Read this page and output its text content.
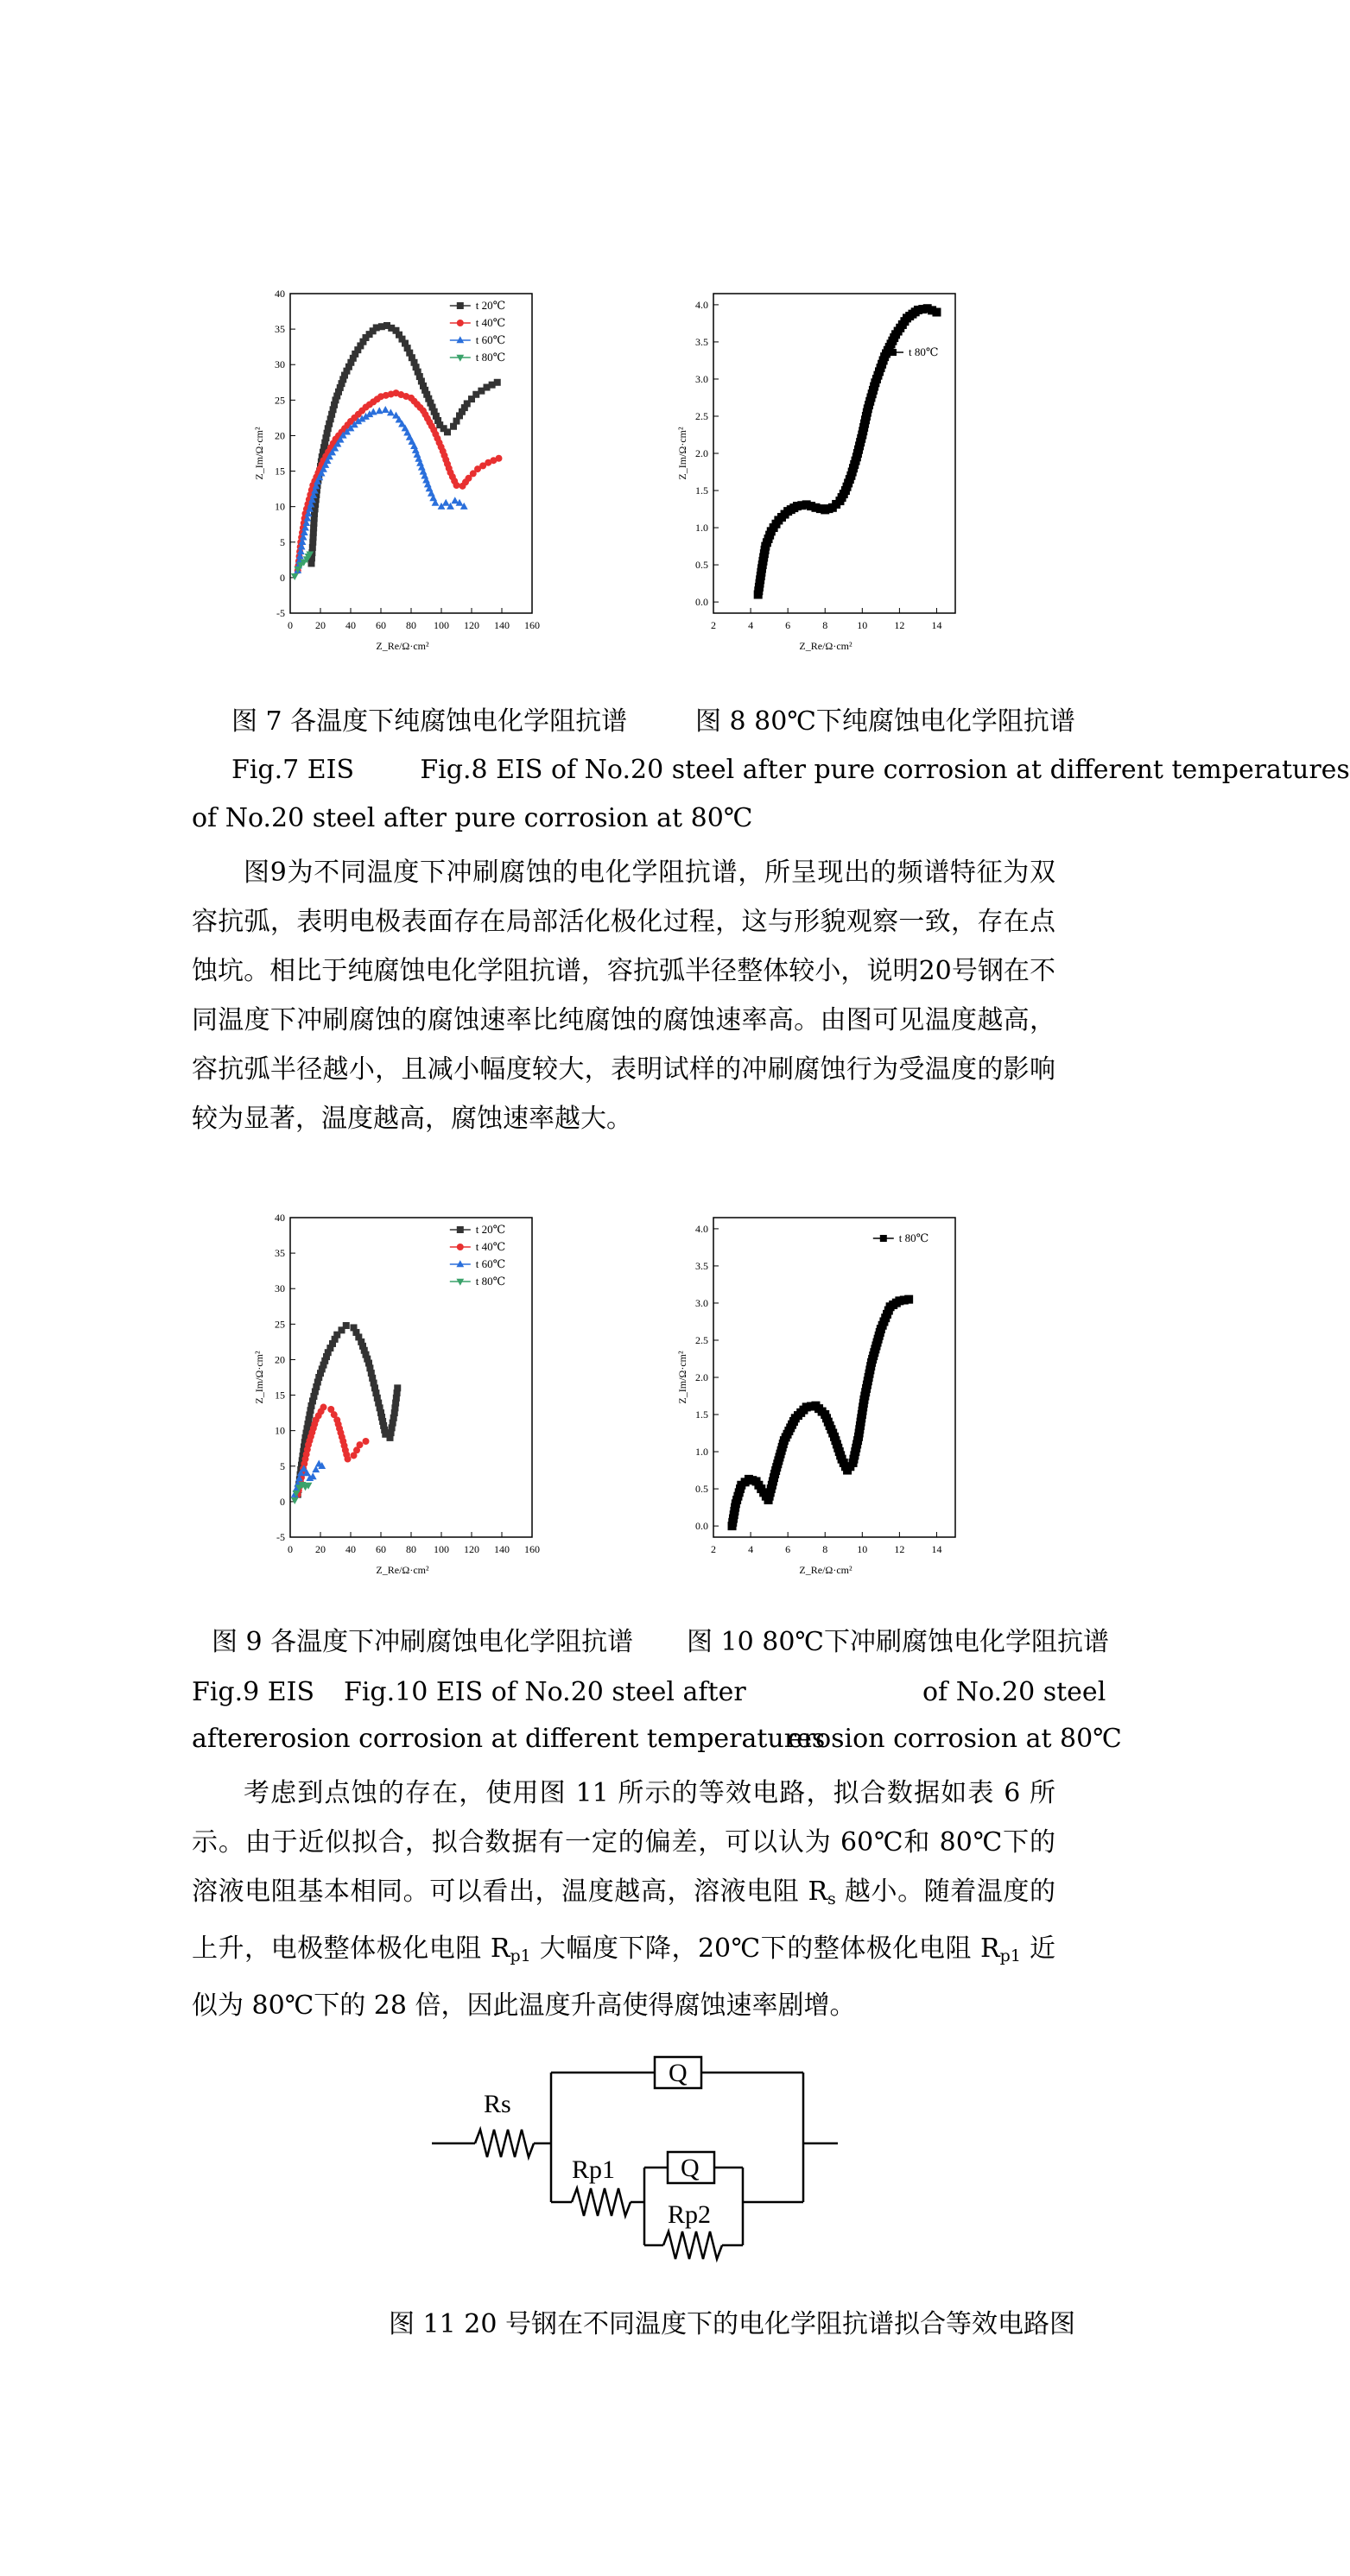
0 20 40 60 80 100 120 140 160
-5
0
5
10
15
20
25
30
35
40
Z_Re/Ω·cm²
Z_Im/Ω·cm²
t 20℃
t 40℃
t 60℃
t 80℃
2	4	6	8	10	12	14
0.0
0.5
1.0
1.5
2.0
2.5
3.0
3.5
4.0
Z_Re/Ω·cm²
Z_Im/Ω·cm²
t 80℃
图 7 各温度下纯腐蚀电化学阻抗谱	图 8 80℃下纯腐蚀电化学阻抗谱
Fig.7 EIS        Fig.8 EIS of No.20 steel after pure corrosion at different temperatures
of No.20 steel after pure corrosion at 80℃

图9为不同温度下冲刷腐蚀的电化学阻抗谱，所呈现出的频谱特征为双容抗弧，表明电极表面存在局部活化极化过程，这与形貌观察一致，存在点蚀坑。相比于纯腐蚀电化学阻抗谱，容抗弧半径整体较小，说明20号钢在不同温度下冲刷腐蚀的腐蚀速率比纯腐蚀的腐蚀速率高。由图可见温度越高，容抗弧半径越小，且减小幅度较大，表明试样的冲刷腐蚀行为受温度的影响较为显著，温度越高，腐蚀速率越大。

0 20 40 60 80 100 120 140 160
-5
0
5
10
15
20
25
30
35
40
Z_Re/Ω·cm²
Z_Im/Ω·cm²
t 20℃
t 40℃
t 60℃
t 80℃
2	4	6	8	10	12	14
0.0
0.5
1.0
1.5
2.0
2.5
3.0
3.5
4.0
Z_Re/Ω·cm²
Z_Im/Ω·cm²
t 80℃
图 9 各温度下冲刷腐蚀电化学阻抗谱 图 10 80℃下冲刷腐蚀电化学阻抗谱
Fig.9 EIS Fig.10 EIS of No.20 steel after	of No.20 steel
after
erosion corrosion at different temperatures
erosion corrosion at 80℃

考虑到点蚀的存在，使用图 11 所示的等效电路，拟合数据如表 6 所示。由于近似拟合，拟合数据有一定的偏差，可以认为 60℃和 80℃下的溶液电阻基本相同。可以看出，温度越高，溶液电阻 $R_s$ 越小。随着温度的上升，电极整体极化电阻 $R_{p1}$ 大幅度下降，20℃下的整体极化电阻 $R_{p1}$ 近似为 80℃下的 28 倍，因此温度升高使得腐蚀速率剧增。

Rs
Q
Rp1	Q
Rp2
图 11 20 号钢在不同温度下的电化学阻抗谱拟合等效电路图
